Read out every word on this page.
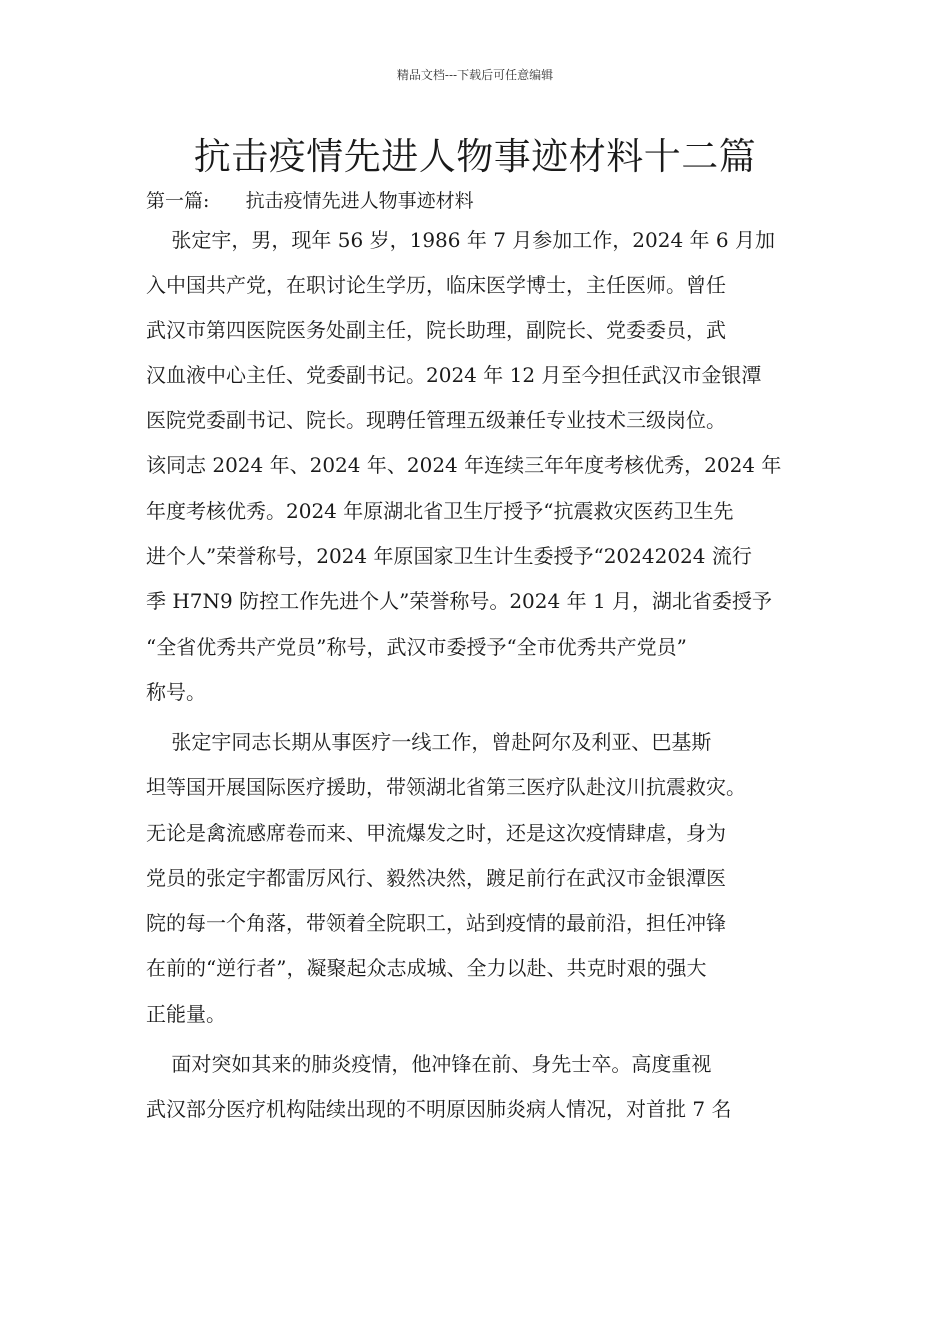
精品文档---下载后可任意编辑
抗击疫情先进人物事迹材料十二篇
第一篇:      抗击疫情先进人物事迹材料
张定宇，男，现年 56 岁，1986 年 7 月参加工作，2024 年 6 月加
入中国共产党，在职讨论生学历，临床医学博士，主任医师。曾任
武汉市第四医院医务处副主任，院长助理，副院长、党委委员，武
汉血液中心主任、党委副书记。2024 年 12 月至今担任武汉市金银潭
医院党委副书记、院长。现聘任管理五级兼任专业技术三级岗位。
该同志 2024 年、2024 年、2024 年连续三年年度考核优秀，2024 年
年度考核优秀。2024 年原湖北省卫生厅授予“抗震救灾医药卫生先
进个人”荣誉称号，2024 年原国家卫生计生委授予“20242024 流行
季 H7N9 防控工作先进个人”荣誉称号。2024 年 1 月，湖北省委授予
“全省优秀共产党员”称号，武汉市委授予“全市优秀共产党员”
称号。
张定宇同志长期从事医疗一线工作，曾赴阿尔及利亚、巴基斯
坦等国开展国际医疗援助，带领湖北省第三医疗队赴汶川抗震救灾。
无论是禽流感席卷而来、甲流爆发之时，还是这次疫情肆虐，身为
党员的张定宇都雷厉风行、毅然决然，踱足前行在武汉市金银潭医
院的每一个角落，带领着全院职工，站到疫情的最前沿，担任冲锋
在前的“逆行者”，凝聚起众志成城、全力以赴、共克时艰的强大
正能量。
面对突如其来的肺炎疫情，他冲锋在前、身先士卒。高度重视
武汉部分医疗机构陆续出现的不明原因肺炎病人情况，对首批 7 名
